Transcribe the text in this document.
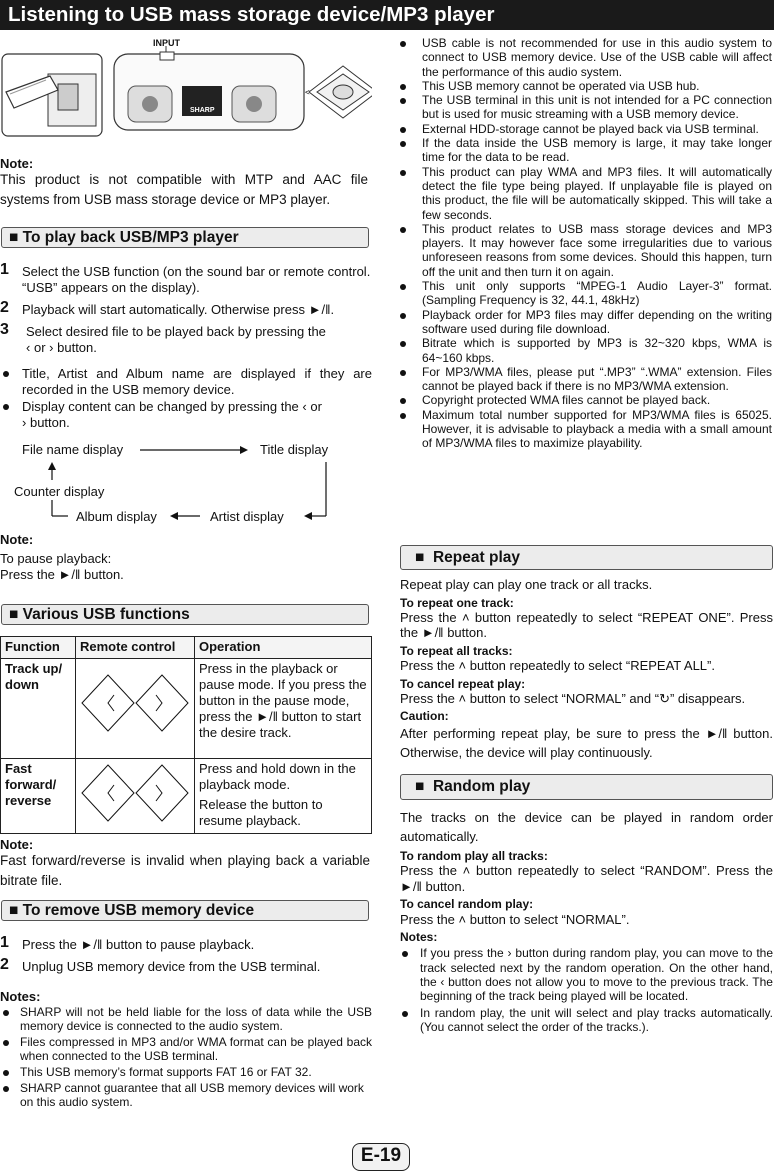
Listening to USB mass storage device/MP3 player
<
INPUT
SHARP
Note:
This product is not compatible with MTP and AAC file systems from USB mass storage device or MP3 player.
■ To play back USB/MP3 player
1 Select the USB function (on the sound bar or remote control. “USB” appears on the display).
2 Playback will start automatically. Otherwise press ►/‖.
3 Select desired file to be played back by pressing the
‹ or › button.
Title, Artist and Album name are displayed if they are recorded in the USB memory device.
Display content can be changed by pressing the ‹ or
› button.
File name display	Title display
Counter display
Album display	Artist display
Note:
To pause playback:
Press the ►/‖ button.
■ Various USB functions
Function	Remote control	Operation
Track up/ down		Press in the playback or pause mode. If you press the button in the pause mode, press the ►/‖ button to start the desire track.
Fast forward/ reverse		Press and hold down in the playback mode.
Release the button to resume playback.
Note:
Fast forward/reverse is invalid when playing back a variable bitrate file.
■ To remove USB memory device
1 Press the ►/‖ button to pause playback.
2 Unplug USB memory device from the USB terminal.
Notes:
SHARP will not be held liable for the loss of data while the USB memory device is connected to the audio system.
Files compressed in MP3 and/or WMA format can be played back when connected to the USB terminal.
This USB memory’s format supports FAT 16 or FAT 32.
SHARP cannot guarantee that all USB memory devices will work on this audio system.
USB cable is not recommended for use in this audio system to connect to USB memory device. Use of the USB cable will affect the performance of this audio system.
This USB memory cannot be operated via USB hub.
The USB terminal in this unit is not intended for a PC connection but is used for music streaming with a USB memory device.
External HDD-storage cannot be played back via USB terminal.
If the data inside the USB memory is large, it may take longer time for the data to be read.
This product can play WMA and MP3 files. It will automatically detect the file type being played. If unplayable file is played on this product, the file will be automatically skipped. This will take a few seconds.
This product relates to USB mass storage devices and MP3 players. It may however face some irregularities due to various unforeseen reasons from some devices. Should this happen, turn off the unit and then turn it on again.
This unit only supports “MPEG-1 Audio Layer-3” format. (Sampling Frequency is 32, 44.1, 48kHz)
Playback order for MP3 files may differ depending on the writing software used during file download.
Bitrate which is supported by MP3 is 32~320 kbps, WMA is 64~160 kbps.
For MP3/WMA files, please put “.MP3” “.WMA” extension. Files cannot be played back if there is no MP3/WMA extension.
Copyright protected WMA files cannot be played back.
Maximum total number supported for MP3/WMA files is 65025. However, it is advisable to playback a media with a small amount of MP3/WMA files to maximize playability.
■  Repeat play
Repeat play can play one track or all tracks.
To repeat one track:
Press the ˄ button repeatedly to select “REPEAT ONE”. Press the ►/‖ button.
To repeat all tracks:
Press the ˄ button repeatedly to select “REPEAT ALL”.
To cancel repeat play:
Press the ˄ button to select “NORMAL” and “↻” disappears.
Caution:
After performing repeat play, be sure to press the ►/‖ button. Otherwise, the device will play continuously.
■  Random play
The tracks on the device can be played in random order automatically.
To random play all tracks:
Press the ˄ button repeatedly to select “RANDOM”. Press the ►/‖ button.
To cancel random play:
Press the ˄ button to select “NORMAL”.
Notes:
If you press the › button during random play, you can move to the track selected next by the random operation. On the other hand, the ‹ button does not allow you to move to the previous track. The beginning of the track being played will be located.
In random play, the unit will select and play tracks automatically. (You cannot select the order of the tracks.).
E-19
